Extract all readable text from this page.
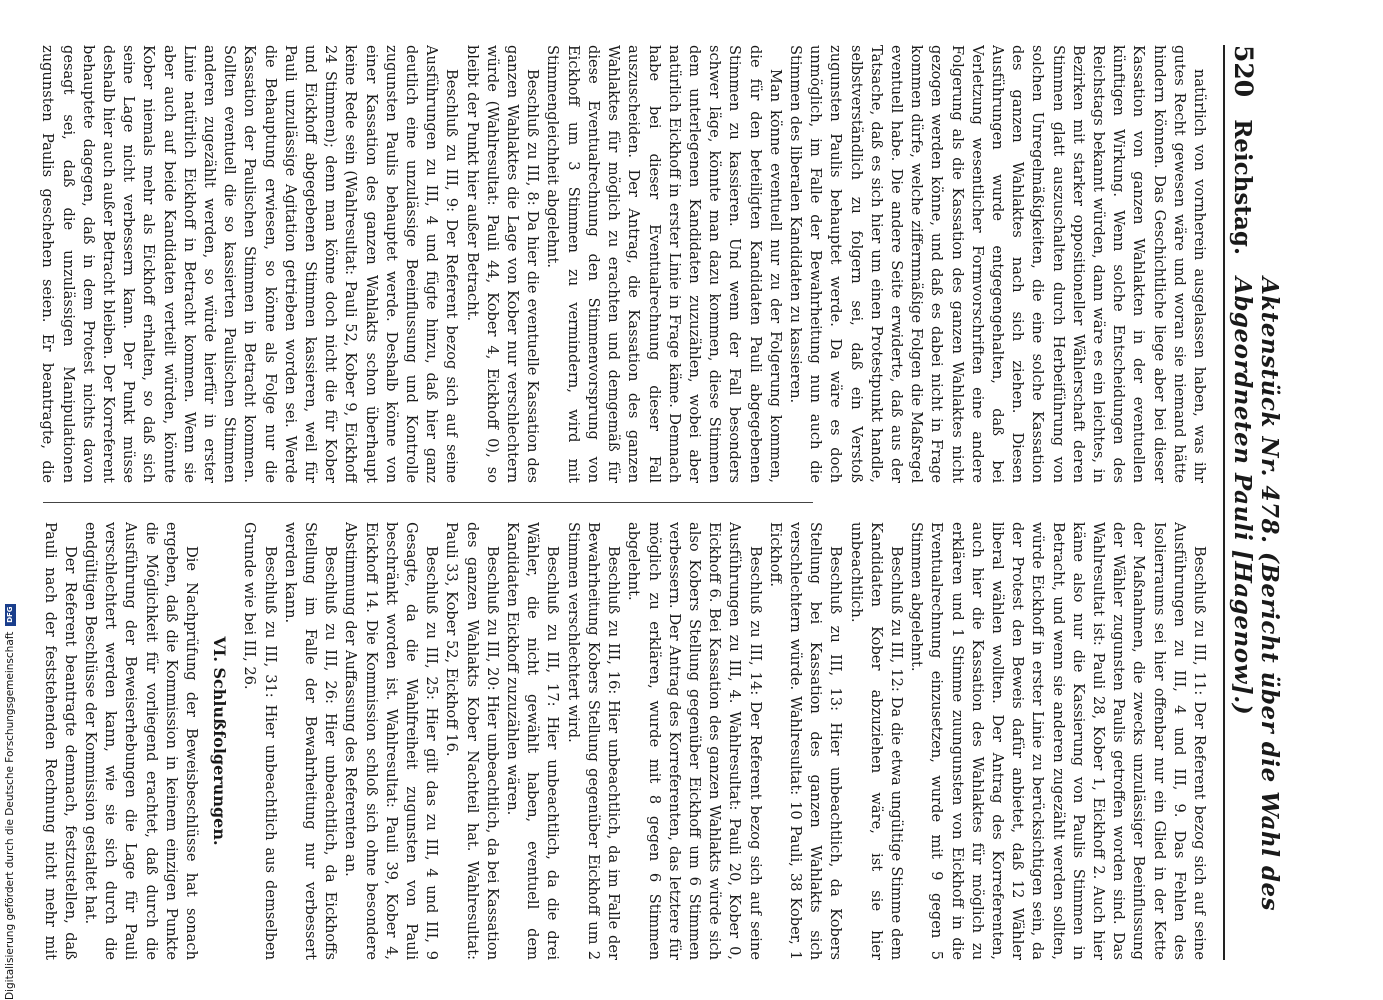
520
Reichstag.
Aktenstück Nr. 478. (Bericht über die Wahl des Abgeordneten Pauli [Hagenow].)

natürlich von vornherein ausgelassen haben, was ihr gutes Recht gewesen wäre und woran sie niemand hätte hindern können. Das Geschichtliche liege aber bei dieser Kassation von ganzen Wahlakten in der eventuellen künftigen Wirkung. Wenn solche Entscheidungen des Reichstags bekannt würden, dann wäre es ein leichtes, in Bezirken mit starker oppositioneller Wählerschaft deren Stimmen glatt auszuschalten durch Herbeiführung von solchen Unregelmäßigkeiten, die eine solche Kassation des ganzen Wahlaktes nach sich ziehen. Diesen Ausführungen wurde entgegengehalten, daß bei Verletzung wesentlicher Formvorschriften eine andere Folgerung als die Kassation des ganzen Wahlaktes nicht gezogen werden könne, und daß es dabei nicht in Frage kommen dürfe, welche ziffernmäßige Folgen die Maßregel eventuell habe. Die andere Seite erwiderte, daß aus der Tatsache, daß es sich hier um einen Protestpunkt handle, selbstverständlich zu folgern sei, daß ein Verstoß zugunsten Paulis behauptet werde. Da wäre es doch unmöglich, im Falle der Bewahrheitung nun auch die Stimmen des liberalen Kandidaten zu kassieren.

Man könne eventuell nur zu der Folgerung kommen, die für den beteiligten Kandidaten Pauli abgegebenen Stimmen zu kassieren. Und wenn der Fall besonders schwer läge, könnte man dazu kommen, diese Stimmen dem unterlegenen Kandidaten zuzuzählen, wobei aber natürlich Eickhoff in erster Linie in Frage käme. Demnach habe bei dieser Eventualrechnung dieser Fall auszuscheiden. Der Antrag, die Kassation des ganzen Wahlaktes für möglich zu erachten und demgemäß für diese Eventualrechnung den Stimmenvorsprung von Eickhoff um 3 Stimmen zu vermindern, wird mit Stimmengleichheit abgelehnt.

Beschluß zu III, 8: Da hier die eventuelle Kassation des ganzen Wahlaktes die Lage von Kober nur verschlechtern würde (Wahlresultat: Pauli 44, Kober 4, Eickhoff 0), so bleibt der Punkt hier außer Betracht.

Beschluß zu III, 9: Der Referent bezog sich auf seine Ausführungen zu III, 4 und fügte hinzu, daß hier ganz deutlich eine unzulässige Beeinflussung und Kontrolle zugunsten Paulis behauptet werde. Deshalb könne von einer Kassation des ganzen Wahlakts schon überhaupt keine Rede sein (Wahlresultat: Pauli 52, Kober 9, Eickhoff 24 Stimmen); denn man könne doch nicht die für Kober und Eickhoff abgegebenen Stimmen kassieren, weil für Pauli unzulässige Agitation getrieben worden sei. Werde die Behauptung erwiesen, so könne als Folge nur die Kassation der Paulischen Stimmen in Betracht kommen. Sollten eventuell die so kassierten Paulischen Stimmen anderen zugezählt werden, so würde hierfür in erster Linie natürlich Eickhoff in Betracht kommen. Wenn sie aber auch auf beide Kandidaten verteilt würden, könnte Kober niemals mehr als Eickhoff erhalten, so daß sich seine Lage nicht verbessern kann. Der Punkt müsse deshalb hier auch außer Betracht bleiben. Der Korreferent behauptete dagegen, daß in dem Protest nichts davon gesagt sei, daß die unzulässigen Manipulationen zugunsten Paulis geschehen seien. Er beantragte, die

Beschluß zu III, 11: Der Referent bezog sich auf seine Ausführungen zu III, 4 und III, 9. Das Fehlen des Isolierraums sei hier offenbar nur ein Glied in der Kette der Maßnahmen, die zwecks unzulässiger Beeinflussung der Wähler zugunsten Paulis getroffen worden sind. Das Wahlresultat ist: Pauli 28, Kober 1, Eickhoff 2. Auch hier käme also nur die Kassierung von Paulis Stimmen in Betracht, und wenn sie anderen zugezählt werden sollten, würde Eickhoff in erster Linie zu berücksichtigen sein, da der Protest den Beweis dafür anbietet, daß 12 Wähler liberal wählen wollten. Der Antrag des Korreferenten, auch hier die Kassation des Wahlaktes für möglich zu erklären und 1 Stimme zuungunsten von Eickhoff in die Eventualrechnung einzusetzen, wurde mit 9 gegen 5 Stimmen abgelehnt.

Beschluß zu III, 12: Da die etwa ungültige Stimme dem Kandidaten Kober abzuziehen wäre, ist sie hier unbeachtlich.

Beschluß zu III, 13: Hier unbeachtlich, da Kobers Stellung bei Kassation des ganzen Wahlakts sich verschlechtern würde. Wahlresultat: 10 Pauli, 38 Kober, 1 Eickhoff.

Beschluß zu III, 14: Der Referent bezog sich auf seine Ausführungen zu III, 4. Wahlresultat: Pauli 20, Kober 0, Eickhoff 6. Bei Kassation des ganzen Wahlakts würde sich also Kobers Stellung gegenüber Eickhoff um 6 Stimmen verbessern. Der Antrag des Korreferenten, das letztere für möglich zu erklären, wurde mit 8 gegen 6 Stimmen abgelehnt.

Beschluß zu III, 16: Hier unbeachtlich, da im Falle der Bewahrheitung Kobers Stellung gegenüber Eickhoff um 2 Stimmen verschlechtert wird.

Beschluß zu III, 17: Hier unbeachtlich, da die drei Wähler, die nicht gewählt haben, eventuell dem Kandidaten Eickhoff zuzuzählen wären.

Beschluß zu III, 20: Hier unbeachtlich, da bei Kassation des ganzen Wahlakts Kober Nachteil hat. Wahlresultat: Pauli 33, Kober 52, Eickhoff 16.

Beschluß zu III, 25: Hier gilt das zu III, 4 und III, 9 Gesagte, da die Wahlfreiheit zugunsten von Pauli beschränkt worden ist. Wahlresultat: Pauli 39, Kober 4, Eickhoff 14. Die Kommission schloß sich ohne besondere Abstimmung der Auffassung des Referenten an.

Beschluß zu III, 26: Hier unbeachtlich, da Eickhoffs Stellung im Falle der Bewahrheitung nur verbessert werden kann.

Beschluß zu III, 31: Hier unbeachtlich aus demselben Grunde wie bei III, 26.

VI. Schlußfolgerungen.

Die Nachprüfung der Beweisbeschlüsse hat sonach ergeben, daß die Kommission in keinem einzigen Punkte die Möglichkeit für vorliegend erachtet, daß durch die Ausführung der Beweiserhebungen die Lage für Pauli verschlechtert werden kann, wie sie sich durch die endgültigen Beschlüsse der Kommission gestaltet hat.

Der Referent beantragte demnach, festzustellen, daß Pauli nach der feststehenden Rechnung nicht mehr mit

Digitalisierung gefördert durch die Deutsche Forschungsgemeinschaft
DFG
